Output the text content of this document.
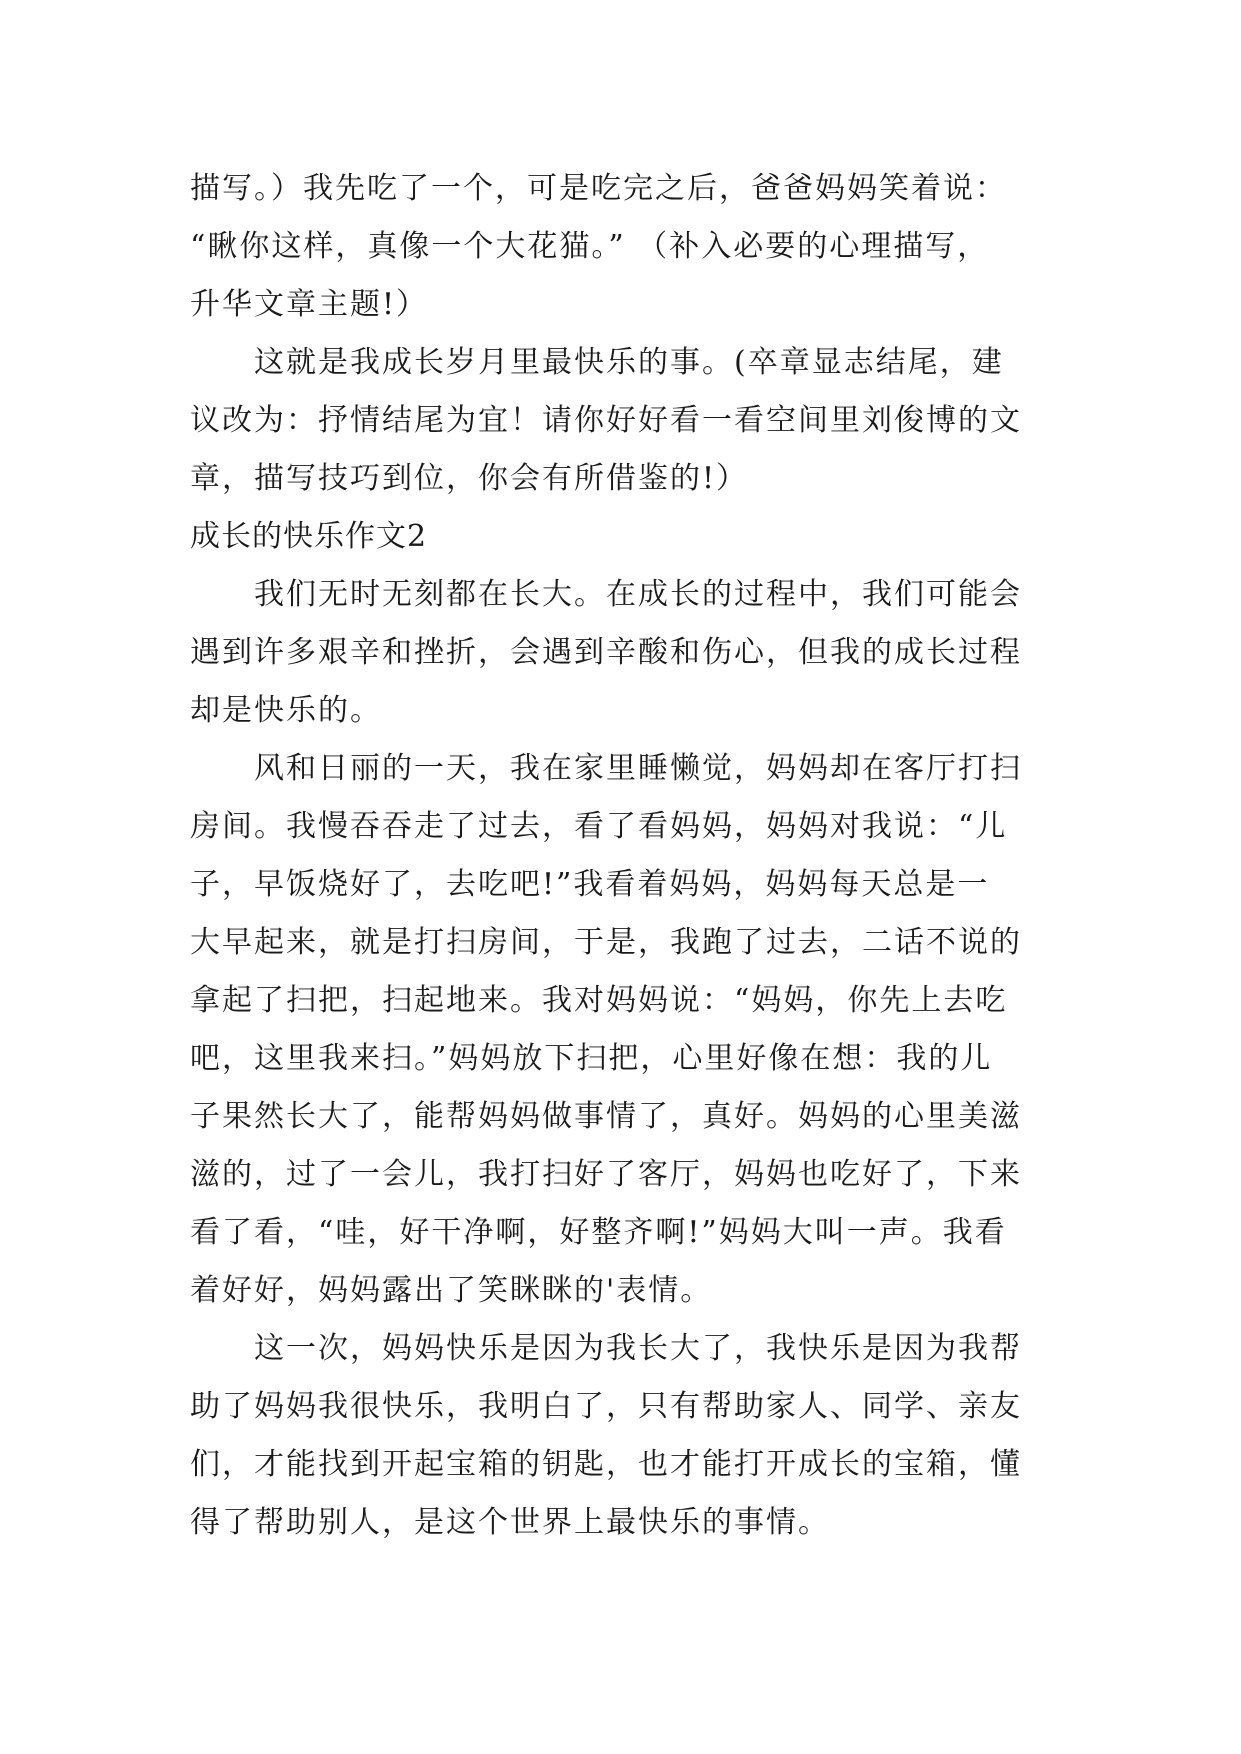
描写。）我先吃了一个，可是吃完之后，爸爸妈妈笑着说：
“瞅你这样，真像一个大花猫。” （补入必要的心理描写，
升华文章主题!）

这就是我成长岁月里最快乐的事。(卒章显志结尾，建
议改为：抒情结尾为宜！请你好好看一看空间里刘俊博的文
章，描写技巧到位，你会有所借鉴的!）

成长的快乐作文2

我们无时无刻都在长大。在成长的过程中，我们可能会
遇到许多艰辛和挫折，会遇到辛酸和伤心，但我的成长过程
却是快乐的。

风和日丽的一天，我在家里睡懒觉，妈妈却在客厅打扫
房间。我慢吞吞走了过去，看了看妈妈，妈妈对我说：“儿
子，早饭烧好了，去吃吧!”我看着妈妈，妈妈每天总是一
大早起来，就是打扫房间，于是，我跑了过去，二话不说的
拿起了扫把，扫起地来。我对妈妈说：“妈妈，你先上去吃
吧，这里我来扫。”妈妈放下扫把，心里好像在想：我的儿
子果然长大了，能帮妈妈做事情了，真好。妈妈的心里美滋
滋的，过了一会儿，我打扫好了客厅，妈妈也吃好了，下来
看了看，“哇，好干净啊，好整齐啊!”妈妈大叫一声。我看
着好好，妈妈露出了笑眯眯的'表情。

这一次，妈妈快乐是因为我长大了，我快乐是因为我帮
助了妈妈我很快乐，我明白了，只有帮助家人、同学、亲友
们，才能找到开起宝箱的钥匙，也才能打开成长的宝箱，懂
得了帮助别人，是这个世界上最快乐的事情。
